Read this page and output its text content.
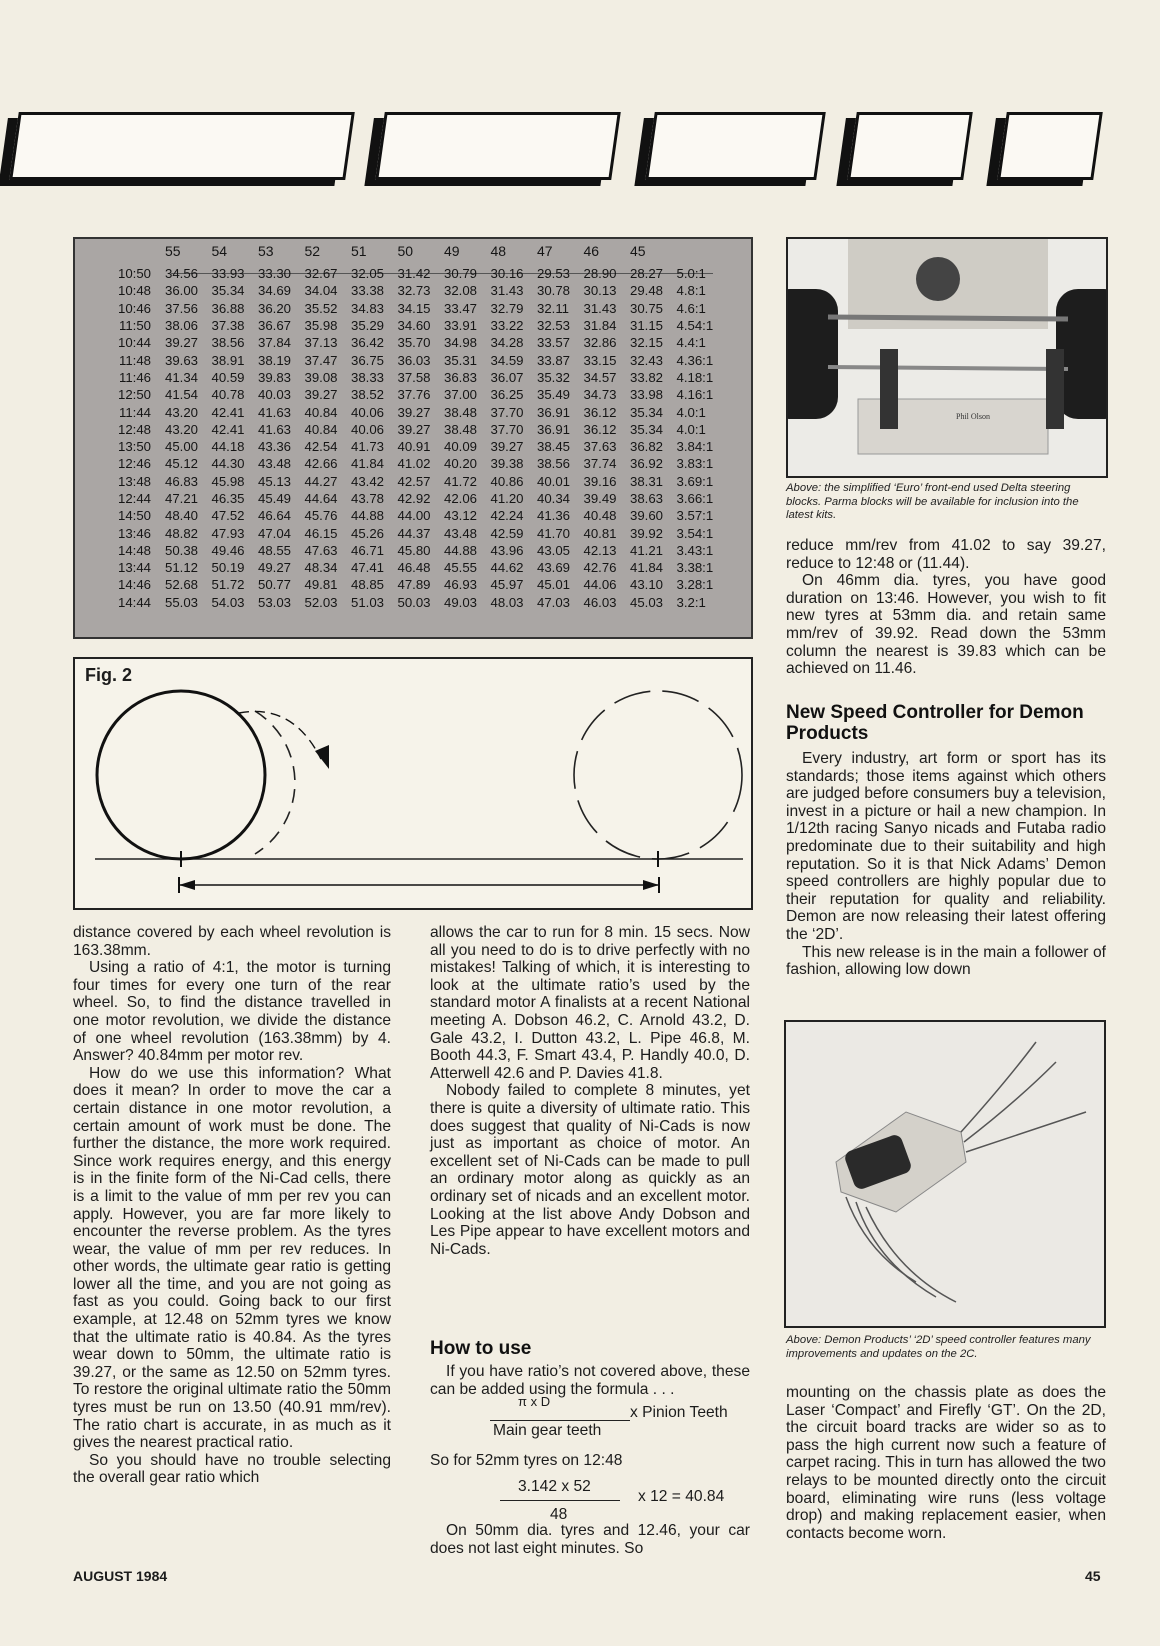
	55	54	53	52	51	50	49	48	47	46	45	
10:50	34.56	33.93	33.30	32.67	32.05	31.42	30.79	30.16	29.53	28.90	28.27	5.0:1
10:48	36.00	35.34	34.69	34.04	33.38	32.73	32.08	31.43	30.78	30.13	29.48	4.8:1
10:46	37.56	36.88	36.20	35.52	34.83	34.15	33.47	32.79	32.11	31.43	30.75	4.6:1
11:50	38.06	37.38	36.67	35.98	35.29	34.60	33.91	33.22	32.53	31.84	31.15	4.54:1
10:44	39.27	38.56	37.84	37.13	36.42	35.70	34.98	34.28	33.57	32.86	32.15	4.4:1
11:48	39.63	38.91	38.19	37.47	36.75	36.03	35.31	34.59	33.87	33.15	32.43	4.36:1
11:46	41.34	40.59	39.83	39.08	38.33	37.58	36.83	36.07	35.32	34.57	33.82	4.18:1
12:50	41.54	40.78	40.03	39.27	38.52	37.76	37.00	36.25	35.49	34.73	33.98	4.16:1
11:44	43.20	42.41	41.63	40.84	40.06	39.27	38.48	37.70	36.91	36.12	35.34	4.0:1
12:48	43.20	42.41	41.63	40.84	40.06	39.27	38.48	37.70	36.91	36.12	35.34	4.0:1
13:50	45.00	44.18	43.36	42.54	41.73	40.91	40.09	39.27	38.45	37.63	36.82	3.84:1
12:46	45.12	44.30	43.48	42.66	41.84	41.02	40.20	39.38	38.56	37.74	36.92	3.83:1
13:48	46.83	45.98	45.13	44.27	43.42	42.57	41.72	40.86	40.01	39.16	38.31	3.69:1
12:44	47.21	46.35	45.49	44.64	43.78	42.92	42.06	41.20	40.34	39.49	38.63	3.66:1
14:50	48.40	47.52	46.64	45.76	44.88	44.00	43.12	42.24	41.36	40.48	39.60	3.57:1
13:46	48.82	47.93	47.04	46.15	45.26	44.37	43.48	42.59	41.70	40.81	39.92	3.54:1
14:48	50.38	49.46	48.55	47.63	46.71	45.80	44.88	43.96	43.05	42.13	41.21	3.43:1
13:44	51.12	50.19	49.27	48.34	47.41	46.48	45.55	44.62	43.69	42.76	41.84	3.38:1
14:46	52.68	51.72	50.77	49.81	48.85	47.89	46.93	45.97	45.01	44.06	43.10	3.28:1
14:44	55.03	54.03	53.03	52.03	51.03	50.03	49.03	48.03	47.03	46.03	45.03	3.2:1
Fig. 2
Phil Olson
Above: the simplified ‘Euro’ front-end used Delta steering blocks. Parma blocks will be available for inclusion into the latest kits.
Above: Demon Products’ ‘2D’ speed controller features many improvements and updates on the 2C.

distance covered by each wheel revolution is 163.38mm.

Using a ratio of 4:1, the motor is turning four times for every one turn of the rear wheel. So, to find the distance travelled in one motor revolution, we divide the distance of one wheel revolution (163.38mm) by 4. Answer? 40.84mm per motor rev.

How do we use this information? What does it mean? In order to move the car a certain distance in one motor revolution, a certain amount of work must be done. The further the distance, the more work required. Since work requires energy, and this energy is in the finite form of the Ni-Cad cells, there is a limit to the value of mm per rev you can apply. However, you are far more likely to encounter the reverse problem. As the tyres wear, the value of mm per rev reduces. In other words, the ultimate gear ratio is getting lower all the time, and you are not going as fast as you could. Going back to our first example, at 12.48 on 52mm tyres we know that the ultimate ratio is 40.84. As the tyres wear down to 50mm, the ultimate ratio is 39.27, or the same as 12.50 on 52mm tyres. To restore the original ultimate ratio the 50mm tyres must be run on 13.50 (40.91 mm/rev). The ratio chart is accurate, in as much as it gives the nearest practical ratio.

So you should have no trouble selecting the overall gear ratio which

allows the car to run for 8 min. 15 secs. Now all you need to do is to drive perfectly with no mistakes! Talking of which, it is interesting to look at the ultimate ratio’s used by the standard motor A finalists at a recent National meeting A. Dobson 46.2, C. Arnold 43.2, D. Gale 43.2, I. Dutton 43.2, L. Pipe 46.8, M. Booth 44.3, F. Smart 43.4, P. Handly 40.0, D. Atterwell 42.6 and P. Davies 41.8.

Nobody failed to complete 8 minutes, yet there is quite a diversity of ultimate ratio. This does suggest that quality of Ni-Cads is now just as important as choice of motor. An excellent set of Ni-Cads can be made to pull an ordinary motor along as quickly as an ordinary set of nicads and an excellent motor. Looking at the list above Andy Dobson and Les Pipe appear to have excellent motors and Ni-Cads.

How to use

If you have ratio’s not covered above, these can be added using the formula . . .

π x D
x Pinion Teeth
Main gear teeth
So for 52mm tyres on 12:48
3.142 x 52
x 12 = 40.84
48

On 50mm dia. tyres and 12.46, your car does not last eight minutes. So

reduce mm/rev from 41.02 to say 39.27, reduce to 12:48 or (11.44).

On 46mm dia. tyres, you have good duration on 13:46. However, you wish to fit new tyres at 53mm dia. and retain same mm/rev of 39.92. Read down the 53mm column the nearest is 39.83 which can be achieved on 11.46.

New Speed Controller for Demon Products

Every industry, art form or sport has its standards; those items against which others are judged before consumers buy a television, invest in a picture or hail a new champion. In 1/12th racing Sanyo nicads and Futaba radio predominate due to their suitability and high reputation. So it is that Nick Adams’ Demon speed controllers are highly popular due to their reputation for quality and reliability. Demon are now releasing their latest offering the ‘2D’.

This new release is in the main a follower of fashion, allowing low down

mounting on the chassis plate as does the Laser ‘Compact’ and Firefly ‘GT’. On the 2D, the circuit board tracks are wider so as to pass the high current now such a feature of carpet racing. This in turn has allowed the two relays to be mounted directly onto the circuit board, eliminating wire runs (less voltage drop) and making replacement easier, when contacts become worn.

AUGUST 1984	45
